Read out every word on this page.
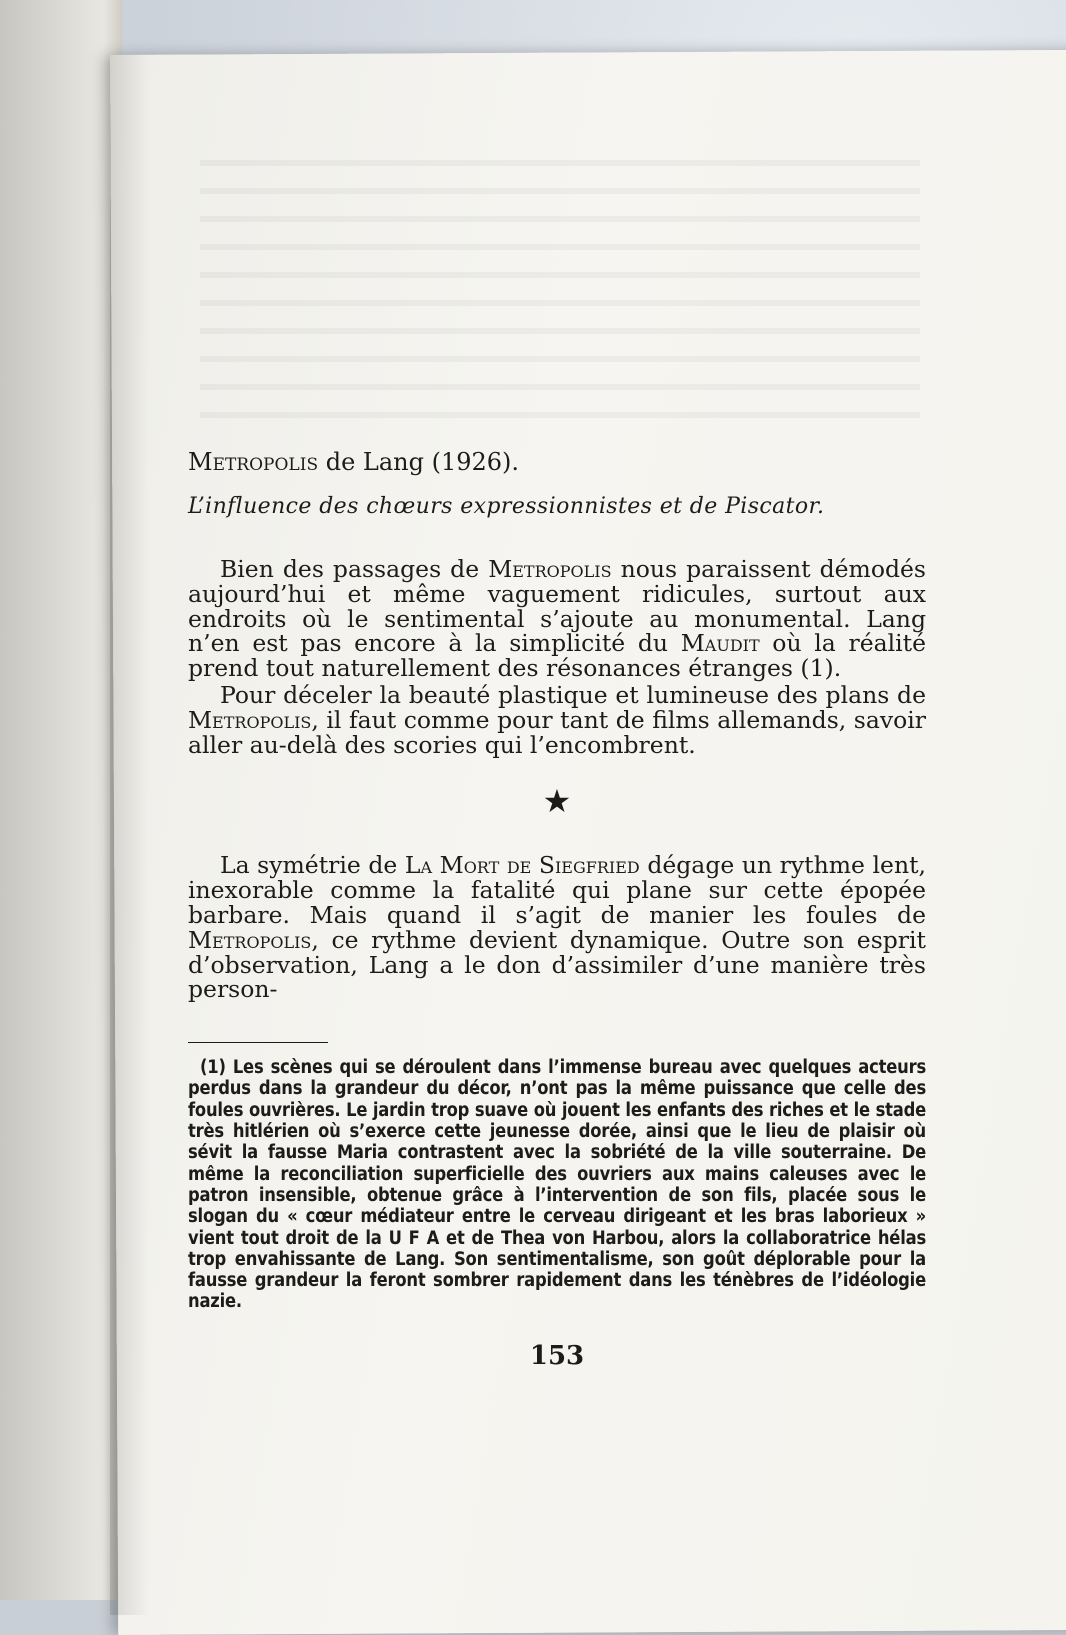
Metropolis de Lang (1926).
L’influence des chœurs expressionnistes et de Piscator.

Bien des passages de Metropolis nous paraissent démodés aujourd’hui et même vaguement ridicules, surtout aux endroits où le sentimental s’ajoute au monumental. Lang n’en est pas encore à la simplicité du Maudit où la réalité prend tout naturellement des résonances étranges (1).

Pour déceler la beauté plastique et lumineuse des plans de Metropolis, il faut comme pour tant de films allemands, savoir aller au-delà des scories qui l’encombrent.

★

La symétrie de La Mort de Siegfried dégage un rythme lent, inexorable comme la fatalité qui plane sur cette épopée barbare. Mais quand il s’agit de manier les foules de Metropolis, ce rythme devient dynamique. Outre son esprit d’observation, Lang a le don d’assimiler d’une manière très person-

(1) Les scènes qui se déroulent dans l’immense bureau avec quelques acteurs perdus dans la grandeur du décor, n’ont pas la même puissance que celle des foules ouvrières. Le jardin trop suave où jouent les enfants des riches et le stade très hitlérien où s’exerce cette jeunesse dorée, ainsi que le lieu de plaisir où sévit la fausse Maria contrastent avec la sobriété de la ville souterraine. De même la reconciliation superficielle des ouvriers aux mains caleuses avec le patron insensible, obtenue grâce à l’intervention de son fils, placée sous le slogan du « cœur médiateur entre le cerveau dirigeant et les bras laborieux » vient tout droit de la U F A et de Thea von Harbou, alors la collaboratrice hélas trop envahissante de Lang. Son sentimentalisme, son goût déplorable pour la fausse grandeur la feront sombrer rapidement dans les ténèbres de l’idéologie nazie.

153
